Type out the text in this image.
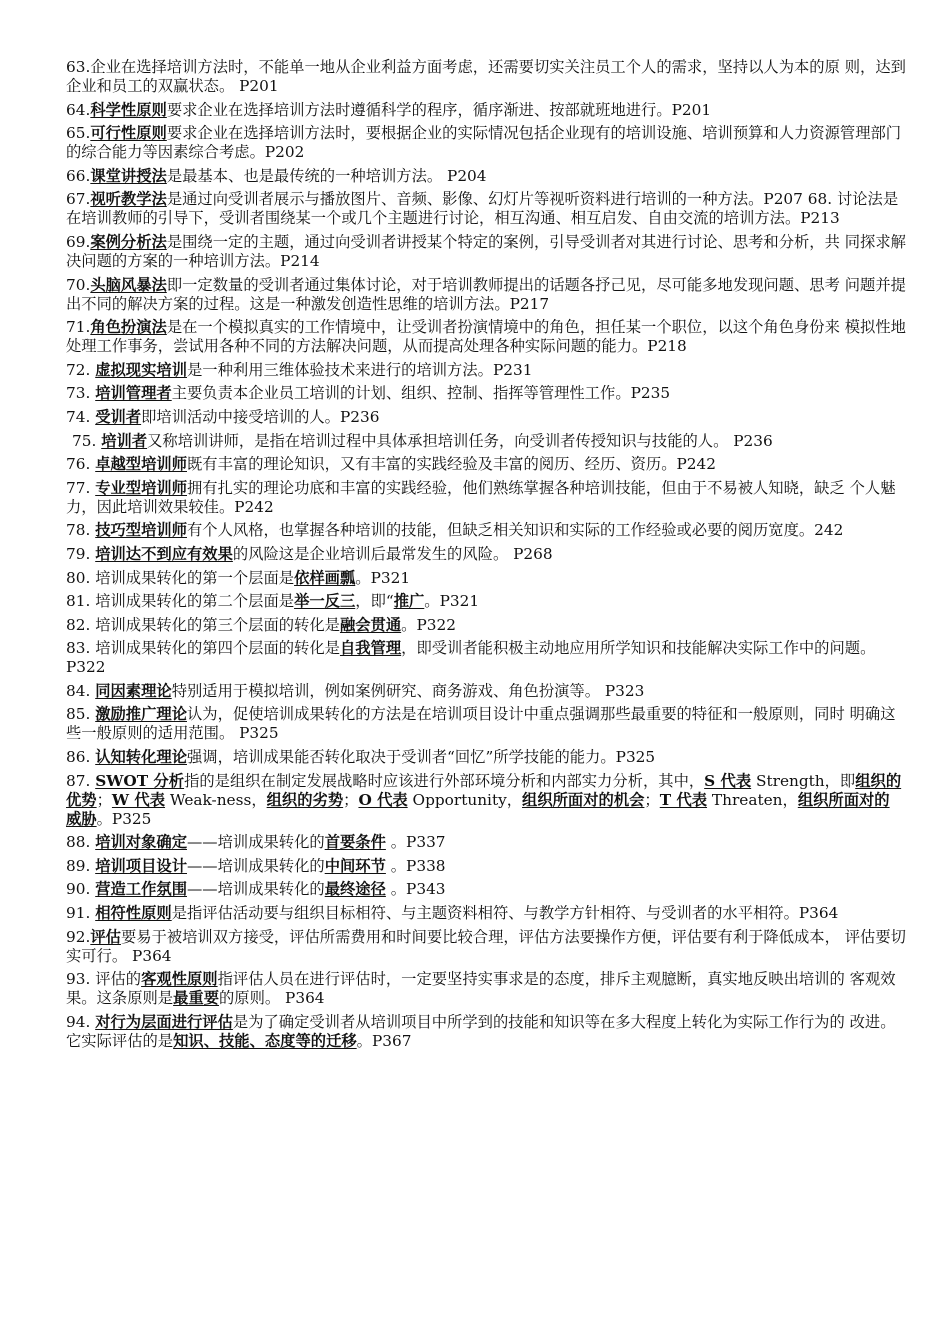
63.企业在选择培训方法时，不能单一地从企业利益方面考虑，还需要切实关注员工个人的需求，坚持以人为本的原 则，达到企业和员工的双赢状态。 P201
64.科学性原则要求企业在选择培训方法时遵循科学的程序，循序渐进、按部就班地进行。P201
65.可行性原则要求企业在选择培训方法时，要根据企业的实际情况包括企业现有的培训设施、培训预算和人力资源管理部门的综合能力等因素综合考虑。P202
66.课堂讲授法是最基本、也是最传统的一种培训方法。 P204
67.视听教学法是通过向受训者展示与播放图片、音频、影像、幻灯片等视听资料进行培训的一种方法。P207 68. 讨论法是在培训教师的引导下，受训者围绕某一个或几个主题进行讨论，相互沟通、相互启发、自由交流的培训方法。P213
69.案例分析法是围绕一定的主题，通过向受训者讲授某个特定的案例，引导受训者对其进行讨论、思考和分析，共 同探求解决问题的方案的一种培训方法。P214
70.头脑风暴法即一定数量的受训者通过集体讨论，对于培训教师提出的话题各抒己见，尽可能多地发现问题、思考 问题并提出不同的解决方案的过程。这是一种激发创造性思维的培训方法。P217
71.角色扮演法是在一个模拟真实的工作情境中，让受训者扮演情境中的角色，担任某一个职位，以这个角色身份来 模拟性地处理工作事务，尝试用各种不同的方法解决问题，从而提高处理各种实际问题的能力。P218
72. 虚拟现实培训是一种利用三维体验技术来进行的培训方法。P231
73. 培训管理者主要负责本企业员工培训的计划、组织、控制、指挥等管理性工作。P235
74. 受训者即培训活动中接受培训的人。P236
75. 培训者又称培训讲师，是指在培训过程中具体承担培训任务，向受训者传授知识与技能的人。 P236
76. 卓越型培训师既有丰富的理论知识，又有丰富的实践经验及丰富的阅历、经历、资历。P242
77. 专业型培训师拥有扎实的理论功底和丰富的实践经验，他们熟练掌握各种培训技能，但由于不易被人知晓，缺乏 个人魅力，因此培训效果较佳。P242
78. 技巧型培训师有个人风格，也掌握各种培训的技能，但缺乏相关知识和实际的工作经验或必要的阅历宽度。242
79. 培训达不到应有效果的风险这是企业培训后最常发生的风险。 P268
80. 培训成果转化的第一个层面是依样画瓢。P321
81. 培训成果转化的第二个层面是举一反三，即“推广。P321
82. 培训成果转化的第三个层面的转化是融会贯通。P322
83. 培训成果转化的第四个层面的转化是自我管理，即受训者能积极主动地应用所学知识和技能解决实际工作中的问题。P322
84. 同因素理论特别适用于模拟培训，例如案例研究、商务游戏、角色扮演等。 P323
85. 激励推广理论认为，促使培训成果转化的方法是在培训项目设计中重点强调那些最重要的特征和一般原则，同时 明确这些一般原则的适用范围。 P325
86. 认知转化理论强调，培训成果能否转化取决于受训者“回忆”所学技能的能力。P325
87. SWOT 分析指的是组织在制定发展战略时应该进行外部环境分析和内部实力分析，其中，S 代表 Strength，即组织的优势；W 代表 Weak-ness，组织的劣势；O 代表 Opportunity，组织所面对的机会；T 代表 Threaten，组织所面对的 威胁。P325
88. 培训对象确定——培训成果转化的首要条件 。P337
89. 培训项目设计——培训成果转化的中间环节 。P338
90. 营造工作氛围——培训成果转化的最终途径 。P343
91. 相符性原则是指评估活动要与组织目标相符、与主题资料相符、与教学方针相符、与受训者的水平相符。P364
92.评估要易于被培训双方接受，评估所需费用和时间要比较合理，评估方法要操作方便，评估要有利于降低成本， 评估要切实可行。 P364
93. 评估的客观性原则指评估人员在进行评估时，一定要坚持实事求是的态度，排斥主观臆断，真实地反映出培训的 客观效果。这条原则是最重要的原则。 P364
94. 对行为层面进行评估是为了确定受训者从培训项目中所学到的技能和知识等在多大程度上转化为实际工作行为的 改进。它实际评估的是知识、技能、态度等的迁移。P367
